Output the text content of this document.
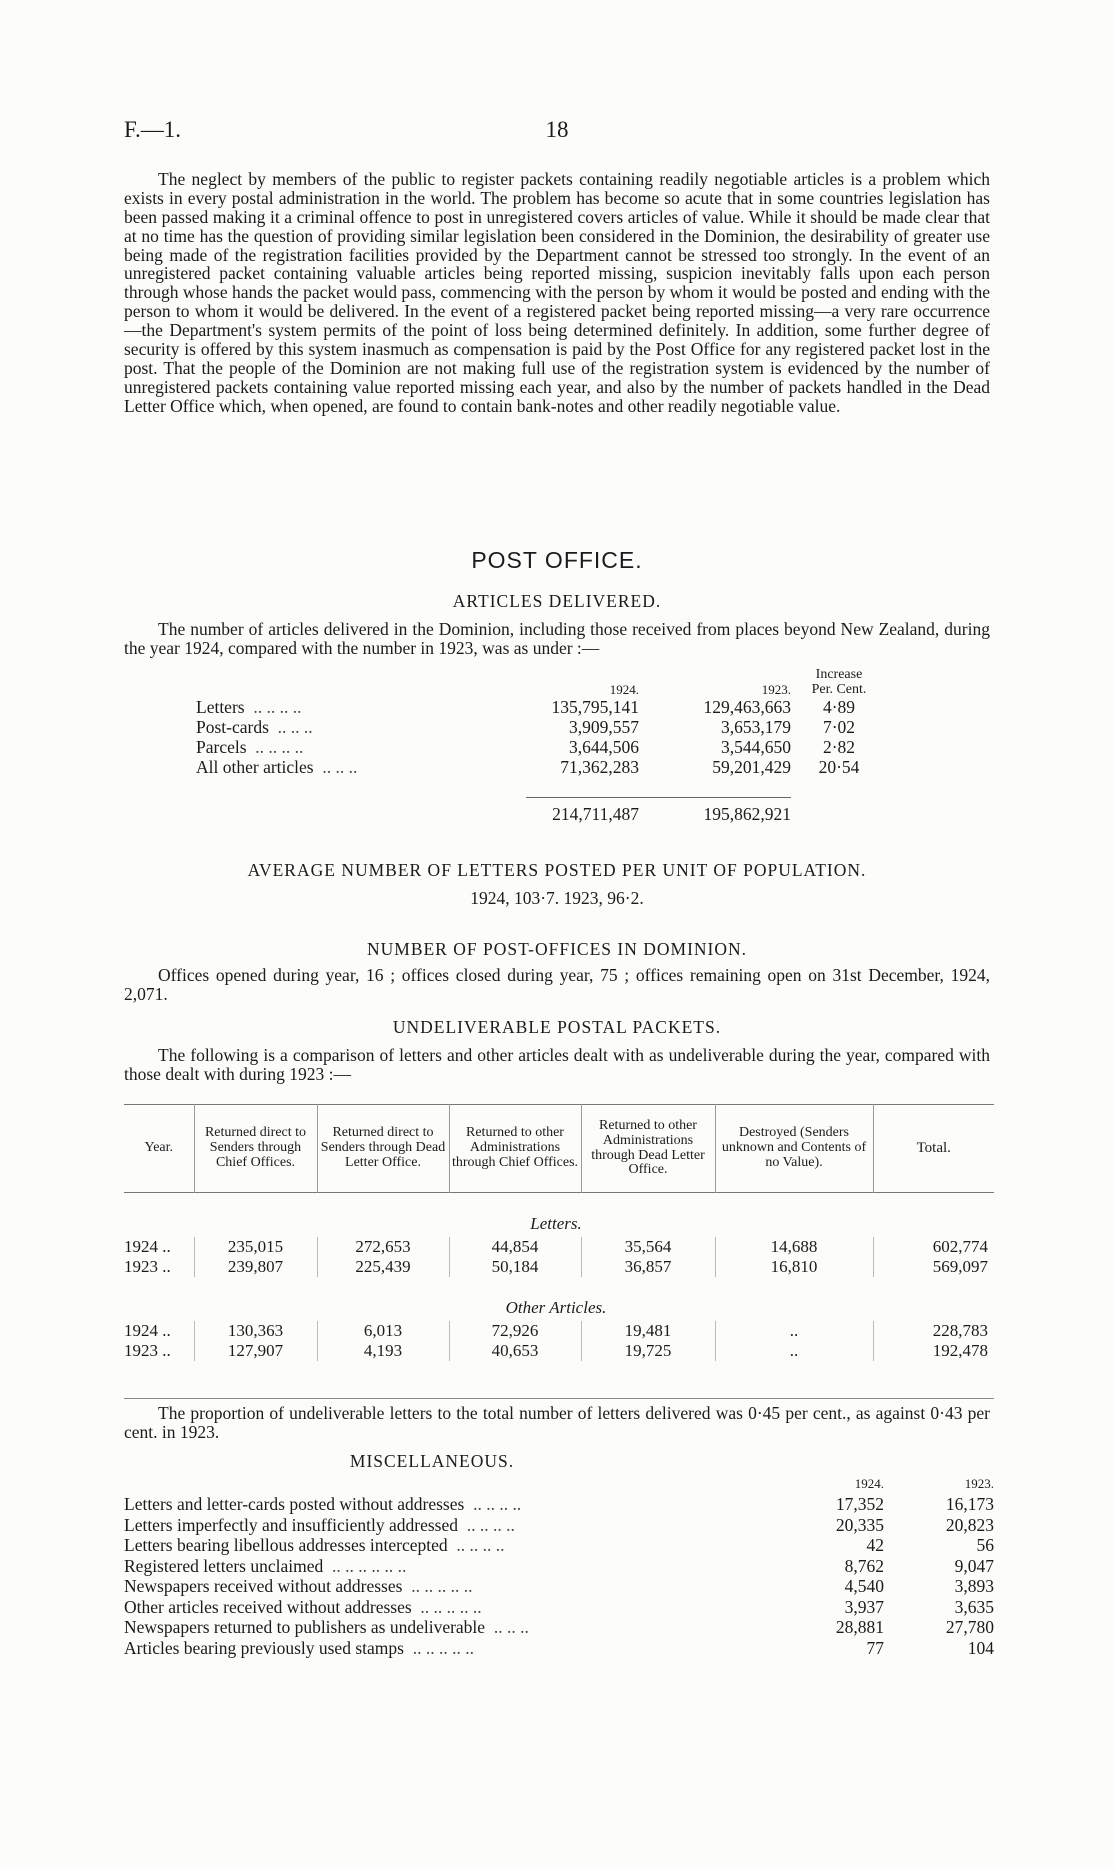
F.—1.	18
The neglect by members of the public to register packets containing readily negotiable articles is a problem which exists in every postal administration in the world. The problem has become so acute that in some countries legislation has been passed making it a criminal offence to post in unregistered covers articles of value. While it should be made clear that at no time has the question of providing similar legislation been considered in the Dominion, the desirability of greater use being made of the registration facilities provided by the Department cannot be stressed too strongly. In the event of an unregistered packet containing valuable articles being reported missing, suspicion inevitably falls upon each person through whose hands the packet would pass, commencing with the person by whom it would be posted and ending with the person to whom it would be delivered. In the event of a registered packet being reported missing—a very rare occurrence—the Department's system permits of the point of loss being determined definitely. In addition, some further degree of security is offered by this system inasmuch as compensation is paid by the Post Office for any registered packet lost in the post. That the people of the Dominion are not making full use of the registration system is evidenced by the number of unregistered packets containing value reported missing each year, and also by the number of packets handled in the Dead Letter Office which, when opened, are found to contain bank-notes and other readily negotiable value.
POST OFFICE.
ARTICLES DELIVERED.
The number of articles delivered in the Dominion, including those received from places beyond New Zealand, during the year 1924, compared with the number in 1923, was as under :—
	1924.	1923.	Increase
Per. Cent.
Letters .. .. .. ..	135,795,141	129,463,663	4·89
Post-cards .. .. ..	3,909,557	3,653,179	7·02
Parcels .. .. .. ..	3,644,506	3,544,650	2·82
All other articles .. .. ..	71,362,283	59,201,429	20·54

	214,711,487	195,862,921	
AVERAGE NUMBER OF LETTERS POSTED PER UNIT OF POPULATION.
1924, 103·7. 1923, 96·2.
NUMBER OF POST-OFFICES IN DOMINION.
Offices opened during year, 16 ; offices closed during year, 75 ; offices remaining open on 31st December, 1924, 2,071.
UNDELIVERABLE POSTAL PACKETS.
The following is a comparison of letters and other articles dealt with as undeliverable during the year, compared with those dealt with during 1923 :—
Year.	Returned direct to Senders through Chief Offices.	Returned direct to Senders through Dead Letter Office.	Returned to other Administrations through Chief Offices.	Returned to other Administrations through Dead Letter Office.	Destroyed (Senders unknown and Contents of no Value).	Total.
Letters.						
1924 ..	235,015	272,653	44,854	35,564	14,688	602,774
1923 ..	239,807	225,439	50,184	36,857	16,810	569,097
Other Articles.						
1924 ..	130,363	6,013	72,926	19,481	..	228,783
1923 ..	127,907	4,193	40,653	19,725	..	192,478
The proportion of undeliverable letters to the total number of letters delivered was 0·45 per cent., as against 0·43 per cent. in 1923.
MISCELLANEOUS.
	1924.	1923.
Letters and letter-cards posted without addresses .. .. .. ..	17,352	16,173
Letters imperfectly and insufficiently addressed .. .. .. ..	20,335	20,823
Letters bearing libellous addresses intercepted .. .. .. ..	42	56
Registered letters unclaimed .. .. .. .. .. ..	8,762	9,047
Newspapers received without addresses .. .. .. .. ..	4,540	3,893
Other articles received without addresses .. .. .. .. ..	3,937	3,635
Newspapers returned to publishers as undeliverable .. .. ..	28,881	27,780
Articles bearing previously used stamps .. .. .. .. ..	77	104
